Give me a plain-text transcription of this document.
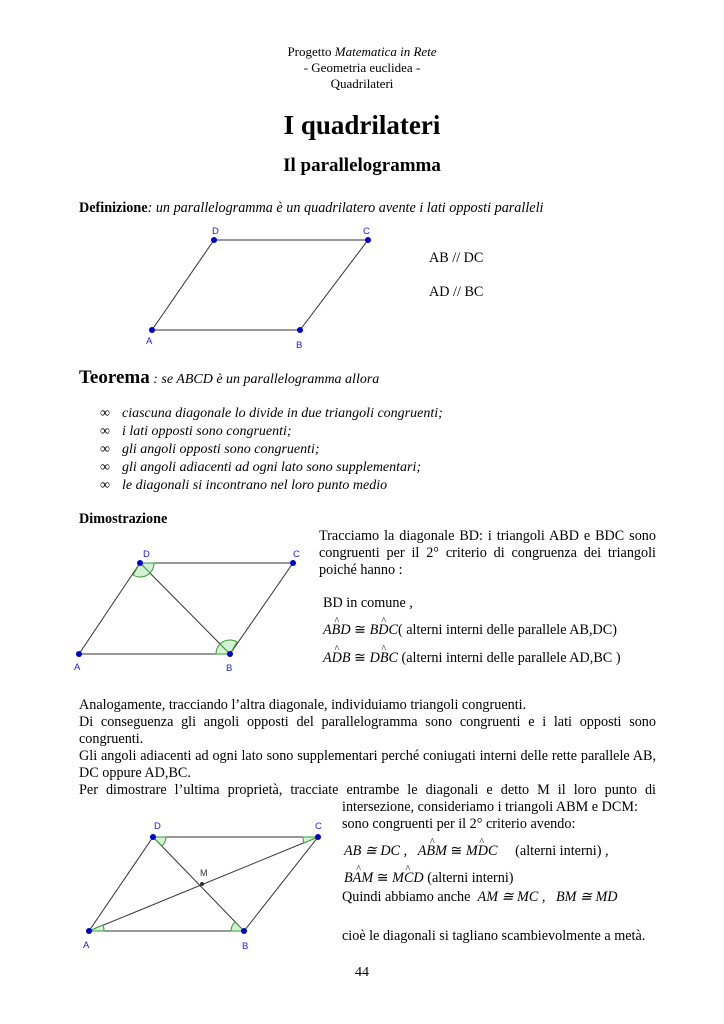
Progetto Matematica in Rete
- Geometria euclidea -
Quadrilateri
I quadrilateri
Il parallelogramma
Definizione: un parallelogramma è un quadrilatero avente i lati opposti paralleli
A	B
C
D
AB // DC
AD // BC
Teorema : se ABCD è un parallelogramma allora
∞ ciascuna diagonale lo divide in due triangoli congruenti;
∞ i lati opposti sono congruenti;
∞ gli angoli opposti sono congruenti;
∞ gli angoli adiacenti ad ogni lato sono supplementari;
∞ le diagonali si incontrano nel loro punto medio
Dimostrazione
Tracciamo la diagonale BD: i triangoli ABD e BDC sono congruenti per il 2° criterio di congruenza dei triangoli poiché hanno :
A	B
C
D
BD in comune ,
^ ABD ≅ ^ BDC( alterni interni delle parallele AB,DC)
^ ADB ≅ ^ DBC (alterni interni delle parallele AD,BC )
Analogamente, tracciando l’altra diagonale, individuiamo triangoli congruenti.
Di conseguenza gli angoli opposti del parallelogramma sono congruenti e i lati opposti sono congruenti.
Gli angoli adiacenti ad ogni lato sono supplementari perché coniugati interni delle rette parallele AB, DC oppure AD,BC.
Per dimostrare l’ultima proprietà, tracciate entrambe le diagonali e detto M il loro punto di
intersezione, consideriamo i triangoli ABM e DCM:
sono congruenti per il 2° criterio avendo:
A	B
C
D
M
AB ≅ DC , ^ ABM ≅ ^ MDC (alterni interni) ,
^ BAM ≅ ^ MCD (alterni interni)
Quindi abbiamo anche AM ≅ MC , BM ≅ MD
cioè le diagonali si tagliano scambievolmente a metà.
44
